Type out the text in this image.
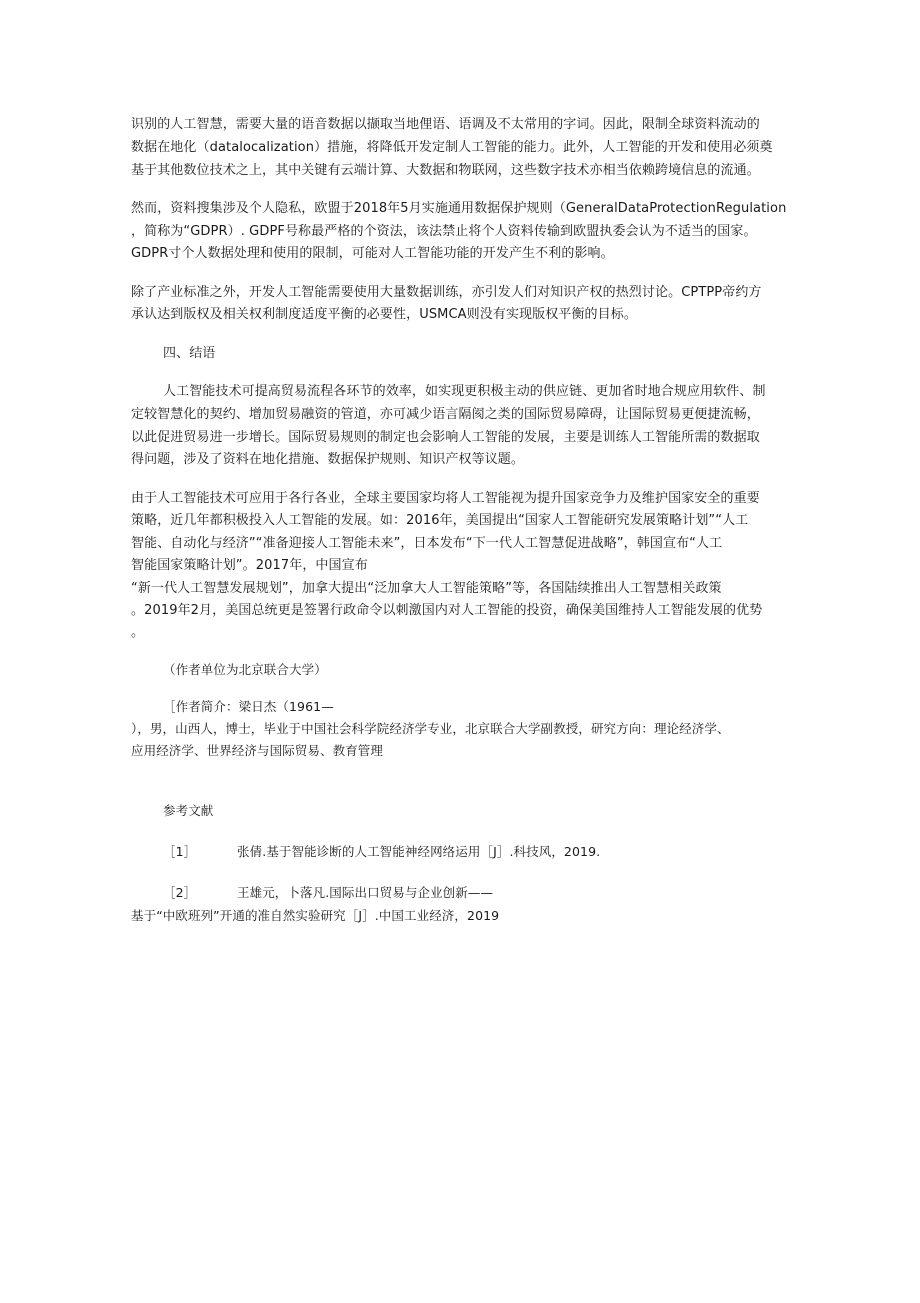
识别的人工智慧，需要大量的语音数据以撷取当地俚语、语调及不太常用的字词。因此，限制全球资料流动的
数据在地化（datalocalization）措施，将降低开发定制人工智能的能力。此外，人工智能的开发和使用必须奠
基于其他数位技术之上，其中关键有云端计算、大数据和物联网，这些数字技术亦相当依赖跨境信息的流通。
然而，资料搜集涉及个人隐私，欧盟于2018年5月实施通用数据保护规则（GeneralDataProtectionRegulation
，简称为“GDPR）. GDPF号称最严格的个资法，该法禁止将个人资料传输到欧盟执委会认为不适当的国家。
GDPR寸个人数据处理和使用的限制，可能对人工智能功能的开发产生不利的影响。
除了产业标准之外，开发人工智能需要使用大量数据训练，亦引发人们对知识产权的热烈讨论。CPTPP帝约方
承认达到版权及相关权利制度适度平衡的必要性，USMCA则没有实现版权平衡的目标。
四、结语
人工智能技术可提高贸易流程各环节的效率，如实现更积极主动的供应链、更加省时地合规应用软件、制
定较智慧化的契约、增加贸易融资的管道，亦可减少语言隔阂之类的国际贸易障碍，让国际贸易更便捷流畅，
以此促进贸易进一步增长。国际贸易规则的制定也会影响人工智能的发展，主要是训练人工智能所需的数据取
得问题，涉及了资料在地化措施、数据保护规则、知识产权等议题。
由于人工智能技术可应用于各行各业，全球主要国家均将人工智能视为提升国家竞争力及维护国家安全的重要
策略，近几年都积极投入人工智能的发展。如：2016年，美国提出“国家人工智能研究发展策略计划”“人工
智能、自动化与经济”“准备迎接人工智能未来”，日本发布“下一代人工智慧促进战略”，韩国宣布“人工
智能国家策略计划”。2017年，中国宣布
“新一代人工智慧发展规划”，加拿大提出“泛加拿大人工智能策略”等，各国陆续推出人工智慧相关政策
。2019年2月，美国总统更是签署行政命令以刺激国内对人工智能的投资，确保美国维持人工智能发展的优势
。
（作者单位为北京联合大学）
［作者简介：梁日杰（1961—
），男，山西人，博士，毕业于中国社会科学院经济学专业，北京联合大学副教授，研究方向：理论经济学、
应用经济学、世界经济与国际贸易、教育管理
参考文献
［1］	张倩.基于智能诊断的人工智能神经网络运用［J］.科技风，2019.
［2］	王雄元，卜落凡.国际出口贸易与企业创新——
基于“中欧班列”开通的准自然实验研究［J］.中国工业经济，2019
